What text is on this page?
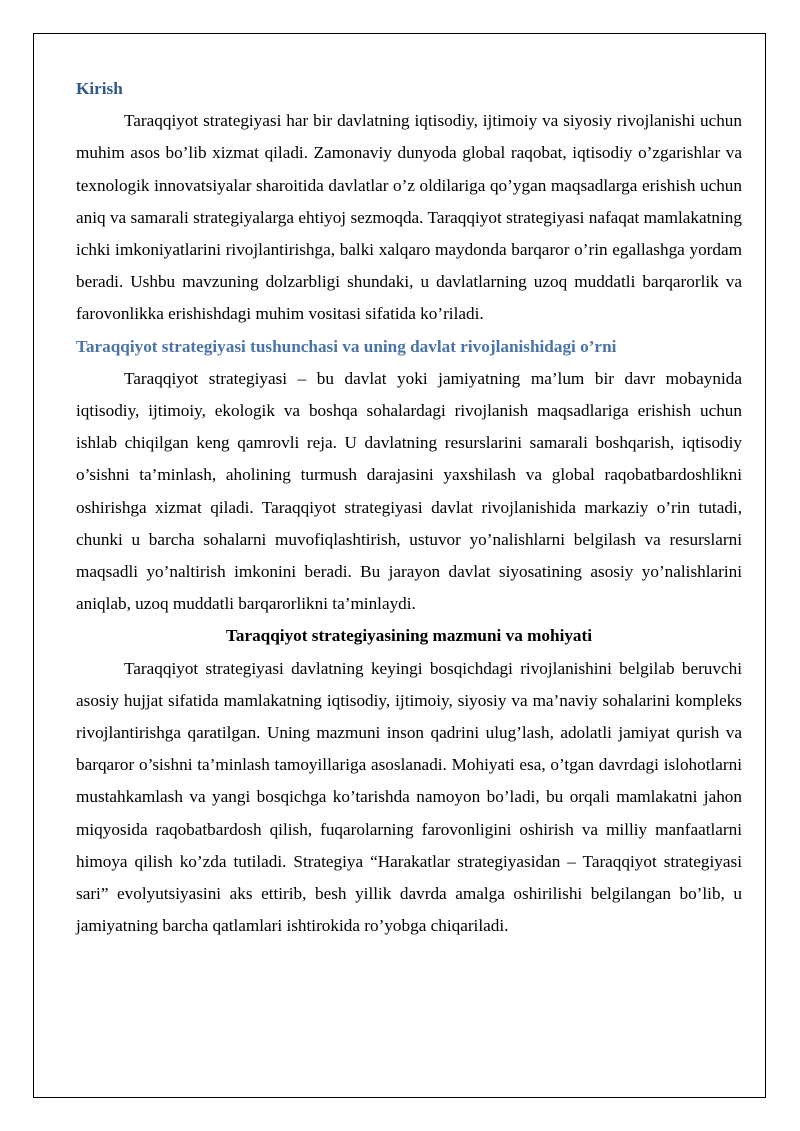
Kirish

Taraqqiyot strategiyasi har bir davlatning iqtisodiy, ijtimoiy va siyosiy rivojlanishi uchun muhim asos bo’lib xizmat qiladi. Zamonaviy dunyoda global raqobat, iqtisodiy o’zgarishlar va texnologik innovatsiyalar sharoitida davlatlar o’z oldilariga qo’ygan maqsadlarga erishish uchun aniq va samarali strategiyalarga ehtiyoj sezmoqda. Taraqqiyot strategiyasi nafaqat mamlakatning ichki imkoniyatlarini rivojlantirishga, balki xalqaro maydonda barqaror o’rin egallashga yordam beradi. Ushbu mavzuning dolzarbligi shundaki, u davlatlarning uzoq muddatli barqarorlik va farovonlikka erishishdagi muhim vositasi sifatida ko’riladi.

Taraqqiyot strategiyasi tushunchasi va uning davlat rivojlanishidagi o’rni

Taraqqiyot strategiyasi – bu davlat yoki jamiyatning ma’lum bir davr mobaynida iqtisodiy, ijtimoiy, ekologik va boshqa sohalardagi rivojlanish maqsadlariga erishish uchun ishlab chiqilgan keng qamrovli reja. U davlatning resurslarini samarali boshqarish, iqtisodiy o’sishni ta’minlash, aholining turmush darajasini yaxshilash va global raqobatbardoshlikni oshirishga xizmat qiladi. Taraqqiyot strategiyasi davlat rivojlanishida markaziy o’rin tutadi, chunki u barcha sohalarni muvofiqlashtirish, ustuvor yo’nalishlarni belgilash va resurslarni maqsadli yo’naltirish imkonini beradi. Bu jarayon davlat siyosatining asosiy yo’nalishlarini aniqlab, uzoq muddatli barqarorlikni ta’minlaydi.

Taraqqiyot strategiyasining mazmuni va mohiyati

Taraqqiyot strategiyasi davlatning keyingi bosqichdagi rivojlanishini belgilab beruvchi asosiy hujjat sifatida mamlakatning iqtisodiy, ijtimoiy, siyosiy va ma’naviy sohalarini kompleks rivojlantirishga qaratilgan. Uning mazmuni inson qadrini ulug’lash, adolatli jamiyat qurish va barqaror o’sishni ta’minlash tamoyillariga asoslanadi. Mohiyati esa, o’tgan davrdagi islohotlarni mustahkamlash va yangi bosqichga ko’tarishda namoyon bo’ladi, bu orqali mamlakatni jahon miqyosida raqobatbardosh qilish, fuqarolarning farovonligini oshirish va milliy manfaatlarni himoya qilish ko’zda tutiladi. Strategiya “Harakatlar strategiyasidan – Taraqqiyot strategiyasi sari” evolyutsiyasini aks ettirib, besh yillik davrda amalga oshirilishi belgilangan bo’lib, u jamiyatning barcha qatlamlari ishtirokida ro’yobga chiqariladi.
